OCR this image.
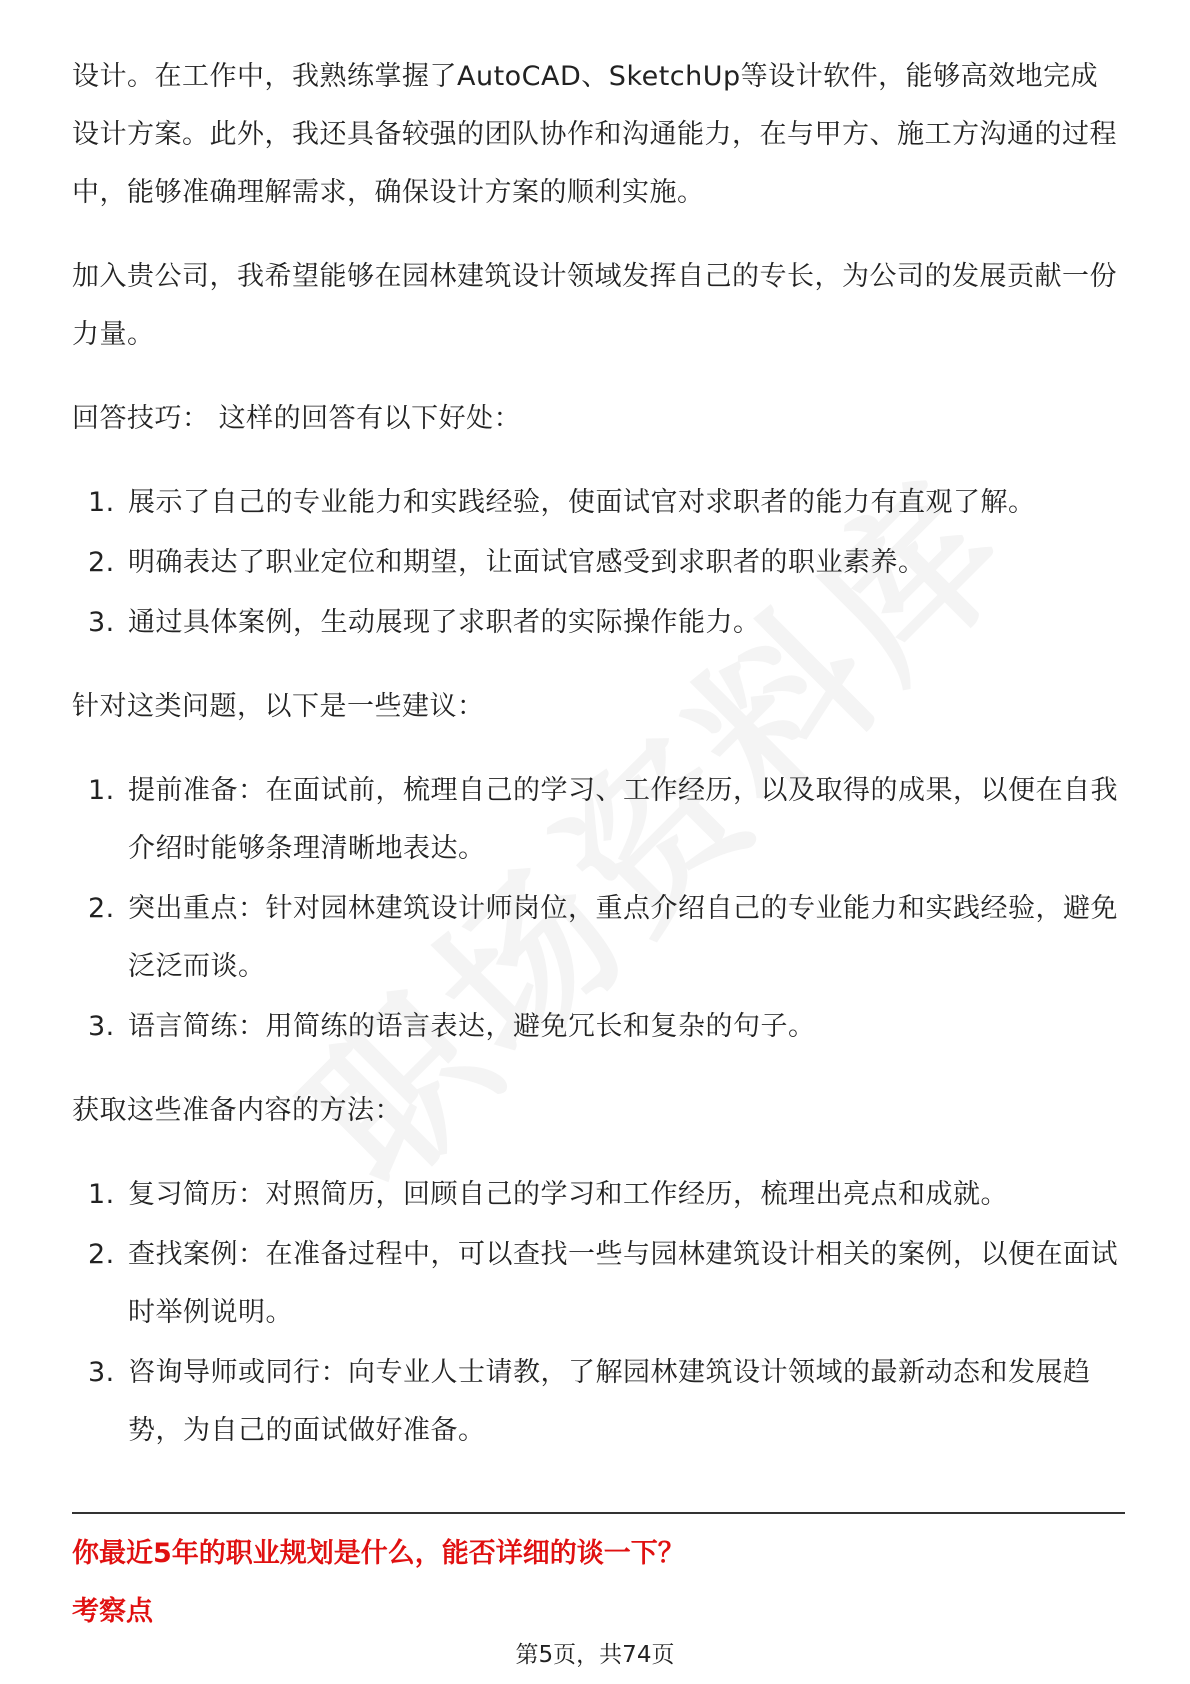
设计。在工作中，我熟练掌握了AutoCAD、SketchUp等设计软件，能够高效地完成设计方案。此外，我还具备较强的团队协作和沟通能力，在与甲方、施工方沟通的过程中，能够准确理解需求，确保设计方案的顺利实施。

加入贵公司，我希望能够在园林建筑设计领域发挥自己的专长，为公司的发展贡献一份力量。

回答技巧： 这样的回答有以下好处：

1. 展示了自己的专业能力和实践经验，使面试官对求职者的能力有直观了解。
2. 明确表达了职业定位和期望，让面试官感受到求职者的职业素养。
3. 通过具体案例，生动展现了求职者的实际操作能力。

针对这类问题，以下是一些建议：

1. 提前准备：在面试前，梳理自己的学习、工作经历，以及取得的成果，以便在自我介绍时能够条理清晰地表达。
2. 突出重点：针对园林建筑设计师岗位，重点介绍自己的专业能力和实践经验，避免泛泛而谈。
3. 语言简练：用简练的语言表达，避免冗长和复杂的句子。

获取这些准备内容的方法：

1. 复习简历：对照简历，回顾自己的学习和工作经历，梳理出亮点和成就。
2. 查找案例：在准备过程中，可以查找一些与园林建筑设计相关的案例，以便在面试时举例说明。
3. 咨询导师或同行：向专业人士请教，了解园林建筑设计领域的最新动态和发展趋势，为自己的面试做好准备。
你最近5年的职业规划是什么，能否详细的谈一下？
考察点
第5页，共74页
